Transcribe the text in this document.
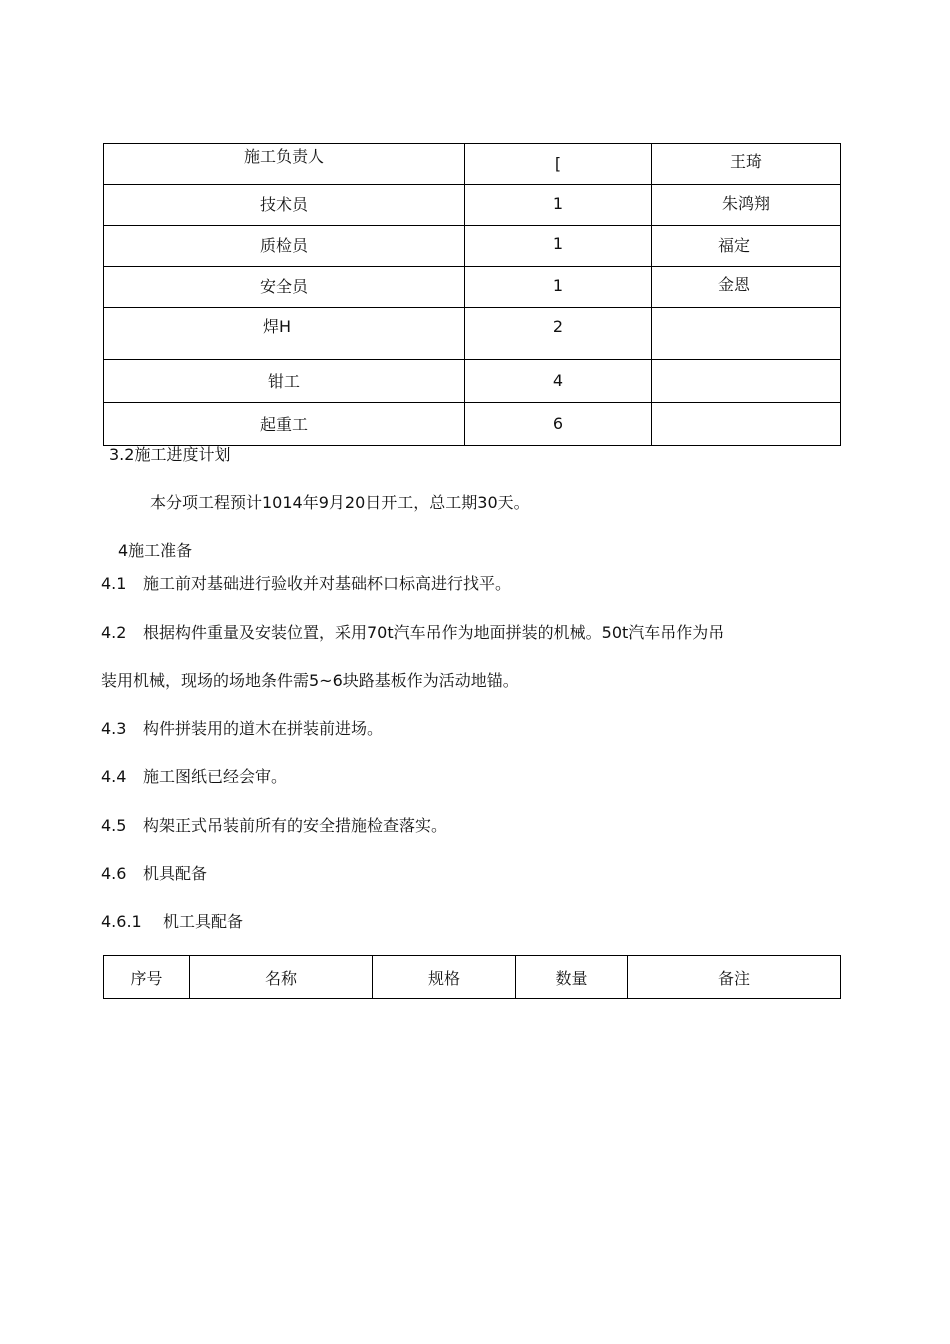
施工负责人	[	王琦

技术员	1	朱鸿翔

质检员	1	福定

安全员	1	金恩

焊H	2	

钳工	4	

起重工	6	

3.2施工进度计划
本分项工程预计1014年9月20日开工，总工期30天。
4施工准备
4.1 施工前对基础进行验收并对基础杯口标高进行找平。
4.2 根据构件重量及安装位置，采用70t汽车吊作为地面拼装的机械。50t汽车吊作为吊
装用机械，现场的场地条件需5~6块路基板作为活动地锚。
4.3 构件拼装用的道木在拼装前进场。
4.4 施工图纸已经会审。
4.5 构架正式吊装前所有的安全措施检查落实。
4.6 机具配备
4.6.1 机工具配备
序号	名称	规格	数量	备注
